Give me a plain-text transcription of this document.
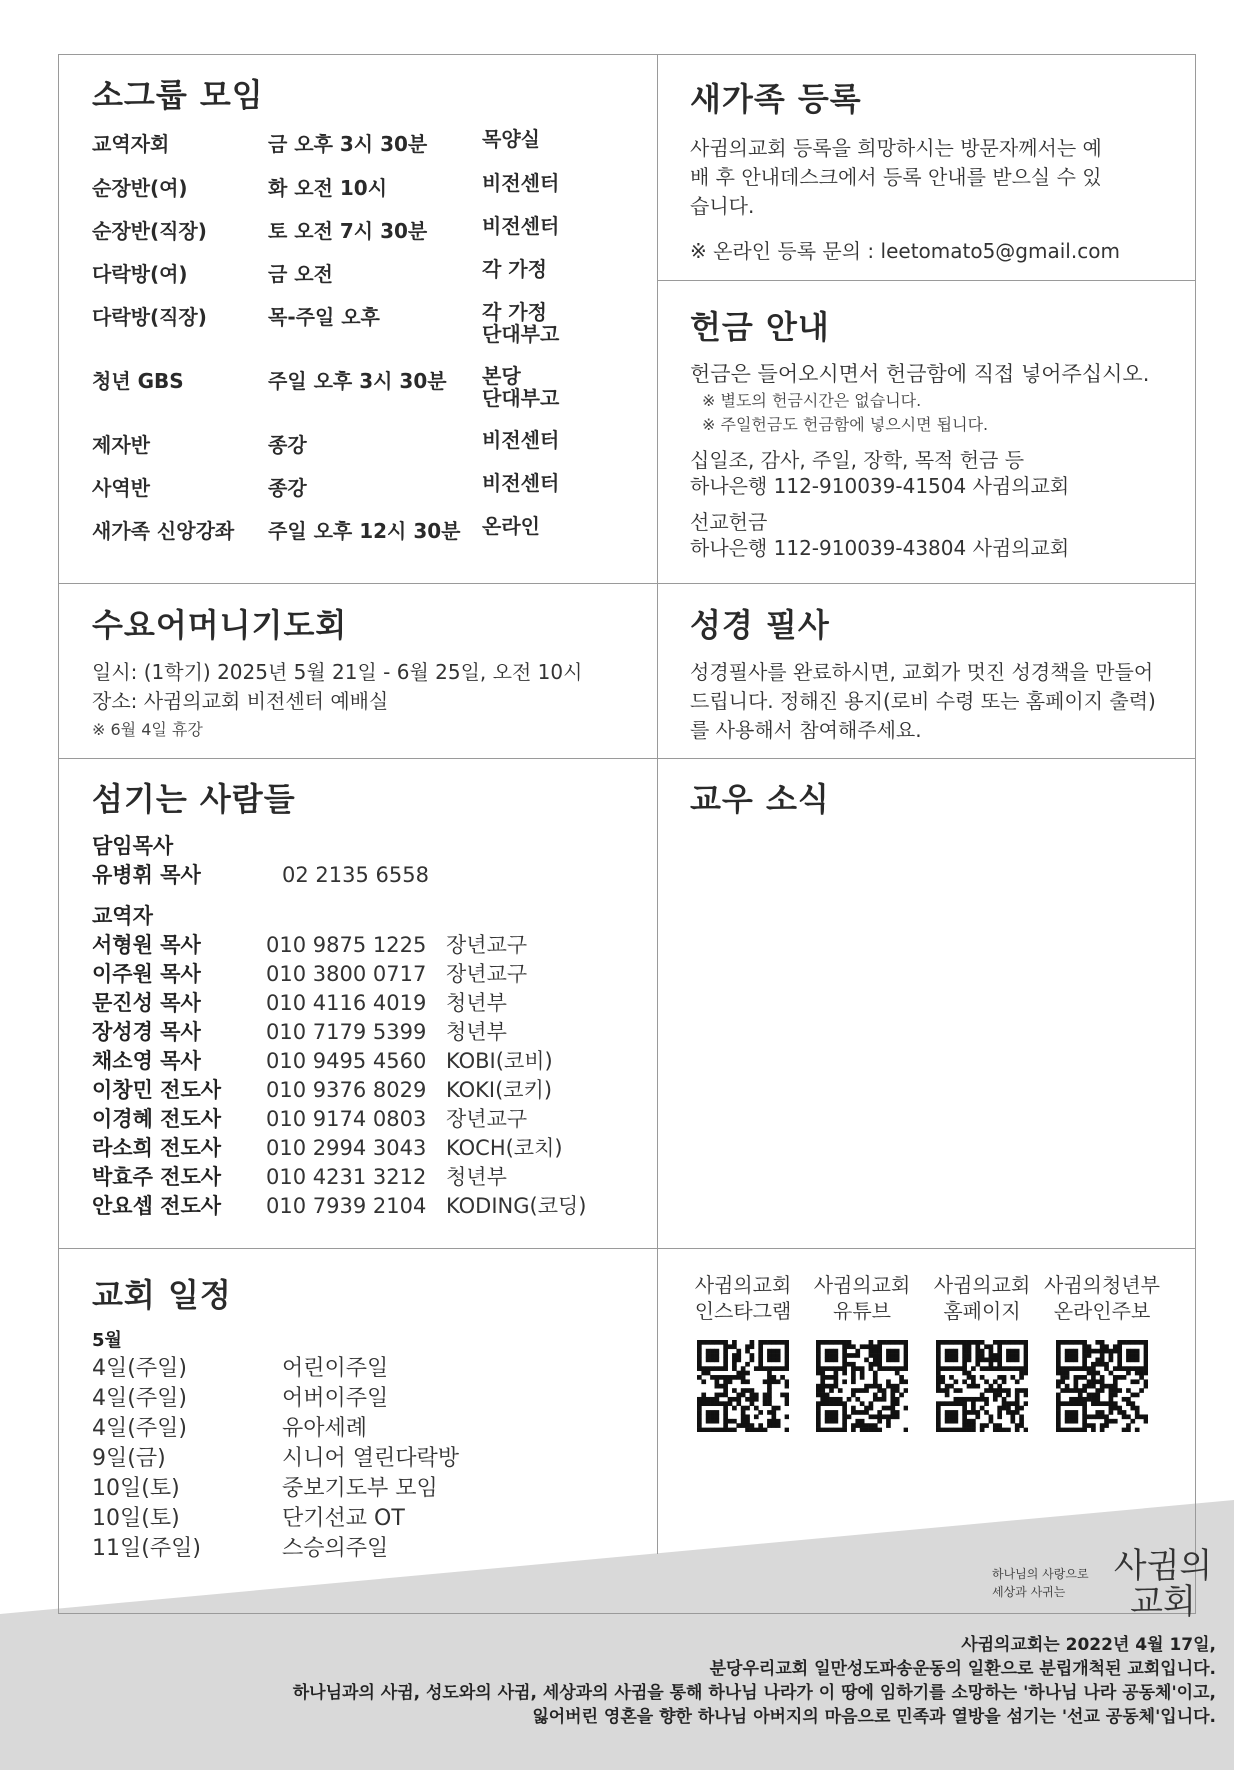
소그룹 모임
교역자회	금 오후 3시 30분	목양실
순장반(여)	화 오전 10시	비전센터
순장반(직장)	토 오전 7시 30분	비전센터
다락방(여)	금 오전	각 가정
다락방(직장)	목-주일 오후	각 가정
단대부고
청년 GBS	주일 오후 3시 30분	본당
단대부고
제자반	종강	비전센터
사역반	종강	비전센터
새가족 신앙강좌	주일 오후 12시 30분	온라인
새가족 등록

사귐의교회 등록을 희망하시는 방문자께서는 예배 후 안내데스크에서 등록 안내를 받으실 수 있습니다.

※ 온라인 등록 문의 : leetomato5@gmail.com

헌금 안내

헌금은 들어오시면서 헌금함에 직접 넣어주십시오.

※ 별도의 헌금시간은 없습니다.

※ 주일헌금도 헌금함에 넣으시면 됩니다.

십일조, 감사, 주일, 장학, 목적 헌금 등

하나은행 112-910039-41504 사귐의교회

선교헌금

하나은행 112-910039-43804 사귐의교회

수요어머니기도회

일시: (1학기) 2025년 5월 21일 - 6월 25일, 오전 10시

장소: 사귐의교회 비전센터 예배실

※ 6월 4일 휴강

성경 필사

성경필사를 완료하시면, 교회가 멋진 성경책을 만들어 드립니다. 정해진 용지(로비 수령 또는 홈페이지 출력)를 사용해서 참여해주세요.

섬기는 사람들
담임목사
유병휘 목사	02 2135 6558
교역자
서형원 목사	010 9875 1225 장년교구
이주원 목사	010 3800 0717 장년교구
문진성 목사	010 4116 4019 청년부
장성경 목사	010 7179 5399 청년부
채소영 목사	010 9495 4560 KOBI(코비)
이창민 전도사	010 9376 8029 KOKI(코키)
이경혜 전도사	010 9174 0803 장년교구
라소희 전도사	010 2994 3043 KOCH(코치)
박효주 전도사	010 4231 3212 청년부
안요셉 전도사	010 7939 2104 KODING(코딩)
교우 소식
교회 일정
5월
4일(주일)	어린이주일
4일(주일)	어버이주일
4일(주일)	유아세례
9일(금)	시니어 열린다락방
10일(토)	중보기도부 모임
10일(토)	단기선교 OT
11일(주일)	스승의주일
사귐의교회
인스타그램
사귐의교회
유튜브
사귐의교회
홈페이지
사귐의청년부
온라인주보
하나님의 사랑으로
세상과 사귀는
사귐의
교회
사귐의교회는 2022년 4월 17일,
분당우리교회 일만성도파송운동의 일환으로 분립개척된 교회입니다.
하나님과의 사귐, 성도와의 사귐, 세상과의 사귐을 통해 하나님 나라가 이 땅에 임하기를 소망하는 '하나님 나라 공동체'이고,
잃어버린 영혼을 향한 하나님 아버지의 마음으로 민족과 열방을 섬기는 '선교 공동체'입니다.
